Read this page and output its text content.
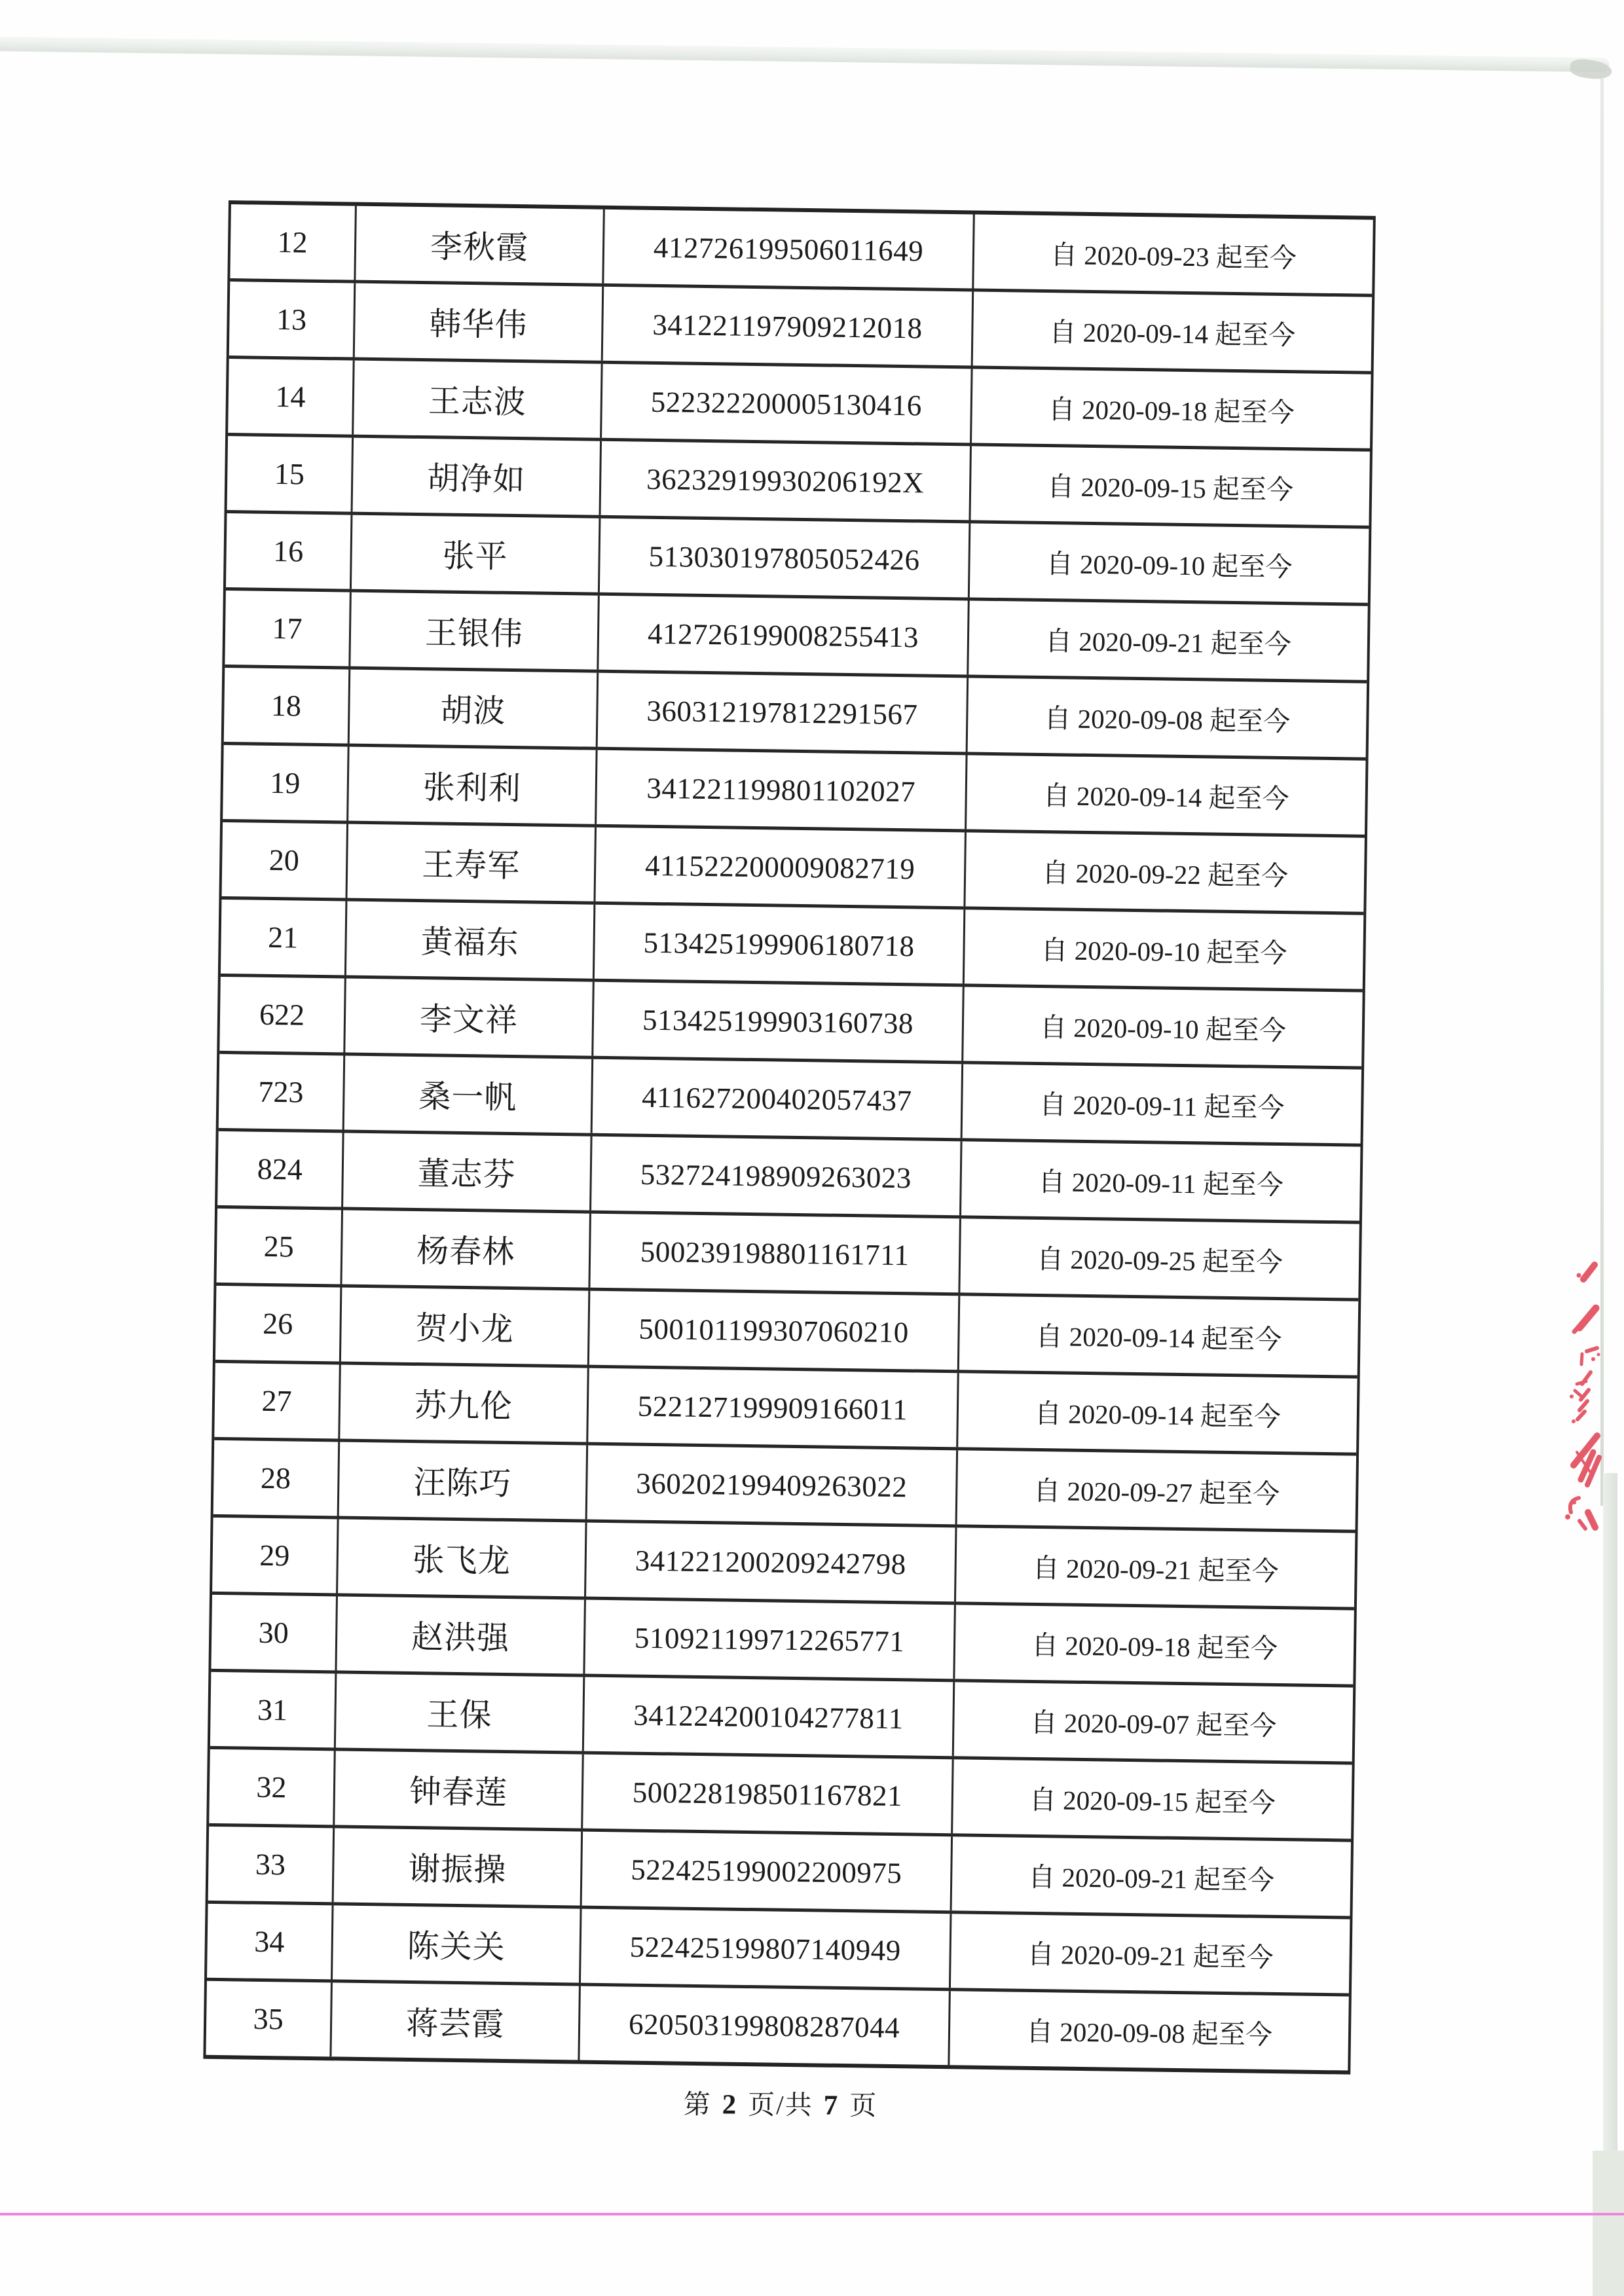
12	李秋霞	412726199506011649	自 2020-09-23 起至今
13	韩华伟	341221197909212018	自 2020-09-14 起至今
14	王志波	522322200005130416	自 2020-09-18 起至今
15	胡净如	36232919930206192X	自 2020-09-15 起至今
16	张平	513030197805052426	自 2020-09-10 起至今
17	王银伟	412726199008255413	自 2020-09-21 起至今
18	胡波	360312197812291567	自 2020-09-08 起至今
19	张利利	341221199801102027	自 2020-09-14 起至今
20	王寿军	411522200009082719	自 2020-09-22 起至今
21	黄福东	513425199906180718	自 2020-09-10 起至今
622	李文祥	513425199903160738	自 2020-09-10 起至今
723	桑一帆	411627200402057437	自 2020-09-11 起至今
824	董志芬	532724198909263023	自 2020-09-11 起至今
25	杨春林	500239198801161711	自 2020-09-25 起至今
26	贺小龙	500101199307060210	自 2020-09-14 起至今
27	苏九伦	522127199909166011	自 2020-09-14 起至今
28	汪陈巧	360202199409263022	自 2020-09-27 起至今
29	张飞龙	341221200209242798	自 2020-09-21 起至今
30	赵洪强	510921199712265771	自 2020-09-18 起至今
31	王保	341224200104277811	自 2020-09-07 起至今
32	钟春莲	500228198501167821	自 2020-09-15 起至今
33	谢振操	522425199002200975	自 2020-09-21 起至今
34	陈关关	522425199807140949	自 2020-09-21 起至今
35	蒋芸霞	620503199808287044	自 2020-09-08 起至今
第 2 页/共 7 页
